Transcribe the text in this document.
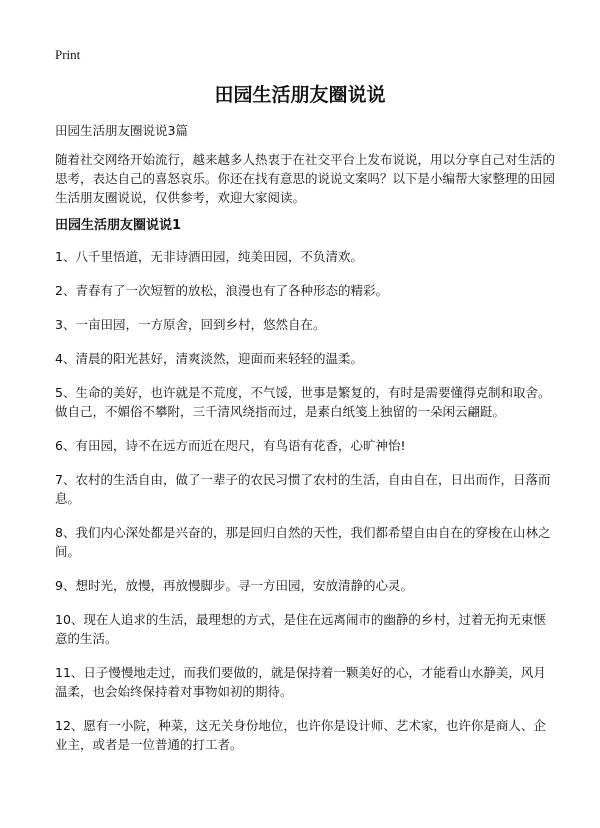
Print
田园生活朋友圈说说
田园生活朋友圈说说3篇

随着社交网络开始流行，越来越多人热衷于在社交平台上发布说说，用以分享自己对生活的思考，表达自己的喜怒哀乐。你还在找有意思的说说文案吗？以下是小编帮大家整理的田园生活朋友圈说说，仅供参考，欢迎大家阅读。

田园生活朋友圈说说1
1、八千里悟道，无非诗酒田园，纯美田园，不负清欢。
2、青春有了一次短暂的放松，浪漫也有了各种形态的精彩。
3、一亩田园，一方原舍，回到乡村，悠然自在。
4、清晨的阳光甚好，清爽淡然，迎面而来轻轻的温柔。
5、生命的美好，也许就是不荒度，不气馁，世事是繁复的，有时是需要懂得克制和取舍。做自己，不媚俗不攀附，三千清风绕指而过，是素白纸笺上独留的一朵闲云翩跹。
6、有田园，诗不在远方而近在咫尺，有鸟语有花香，心旷神怡!
7、农村的生活自由，做了一辈子的农民习惯了农村的生活，自由自在，日出而作，日落而息。
8、我们内心深处都是兴奋的，那是回归自然的天性，我们都希望自由自在的穿梭在山林之间。
9、想时光，放慢，再放慢脚步。寻一方田园，安放清静的心灵。
10、现在人追求的生活，最理想的方式，是住在远离闹市的幽静的乡村，过着无拘无束惬意的生活。
11、日子慢慢地走过，而我们要做的，就是保持着一颗美好的心，才能看山水静美，风月温柔，也会始终保持着对事物如初的期待。
12、愿有一小院，种菜，这无关身份地位，也许你是设计师、艺术家，也许你是商人、企业主，或者是一位普通的打工者。
